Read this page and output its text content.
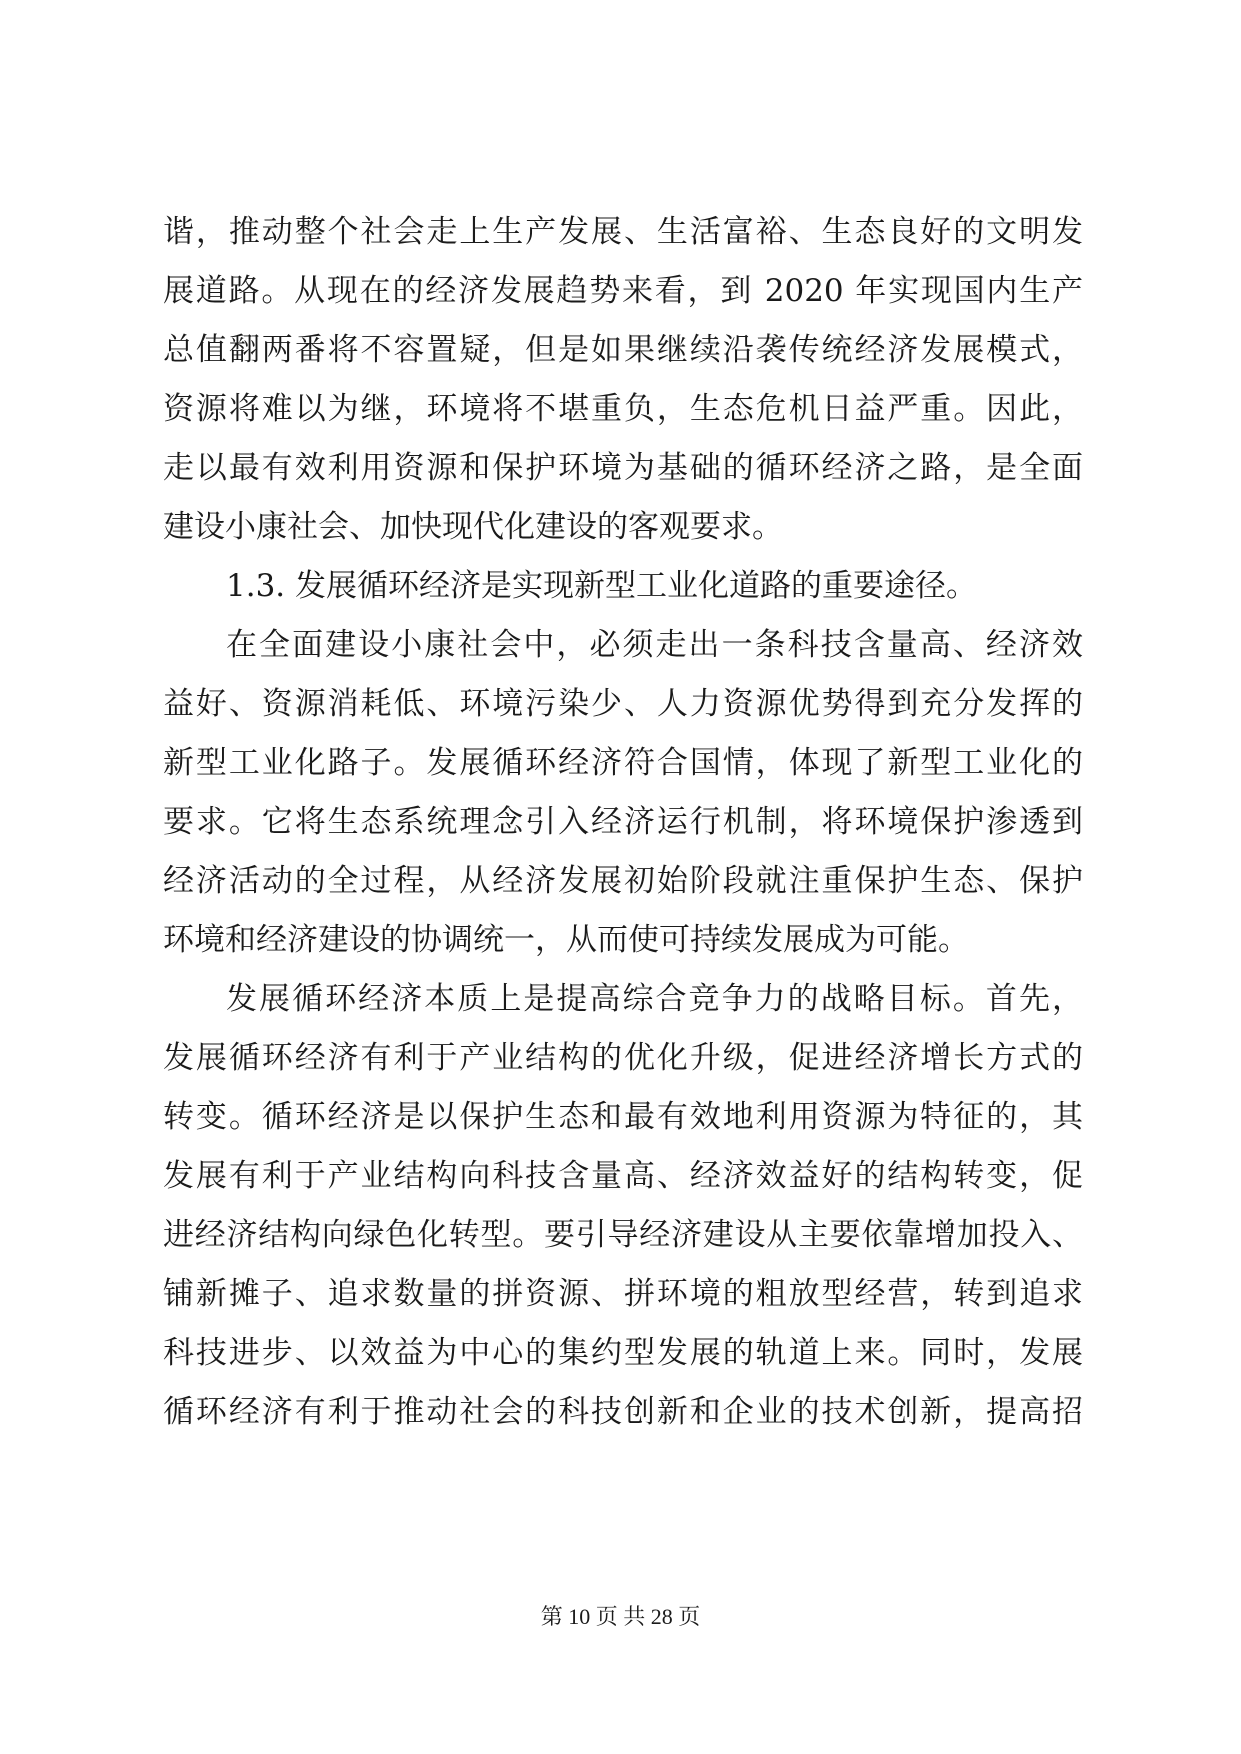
谐，推动整个社会走上生产发展、生活富裕、生态良好的文明发
展道路。从现在的经济发展趋势来看，到 2020 年实现国内生产
总值翻两番将不容置疑，但是如果继续沿袭传统经济发展模式，
资源将难以为继，环境将不堪重负，生态危机日益严重。因此，
走以最有效利用资源和保护环境为基础的循环经济之路，是全面
建设小康社会、加快现代化建设的客观要求。
1.3. 发展循环经济是实现新型工业化道路的重要途径。
在全面建设小康社会中，必须走出一条科技含量高、经济效
益好、资源消耗低、环境污染少、人力资源优势得到充分发挥的
新型工业化路子。发展循环经济符合国情，体现了新型工业化的
要求。它将生态系统理念引入经济运行机制，将环境保护渗透到
经济活动的全过程，从经济发展初始阶段就注重保护生态、保护
环境和经济建设的协调统一，从而使可持续发展成为可能。
发展循环经济本质上是提高综合竞争力的战略目标。首先，
发展循环经济有利于产业结构的优化升级，促进经济增长方式的
转变。循环经济是以保护生态和最有效地利用资源为特征的，其
发展有利于产业结构向科技含量高、经济效益好的结构转变，促
进经济结构向绿色化转型。要引导经济建设从主要依靠增加投入、
铺新摊子、追求数量的拼资源、拼环境的粗放型经营，转到追求
科技进步、以效益为中心的集约型发展的轨道上来。同时，发展
循环经济有利于推动社会的科技创新和企业的技术创新，提高招
第 10 页 共 28 页
